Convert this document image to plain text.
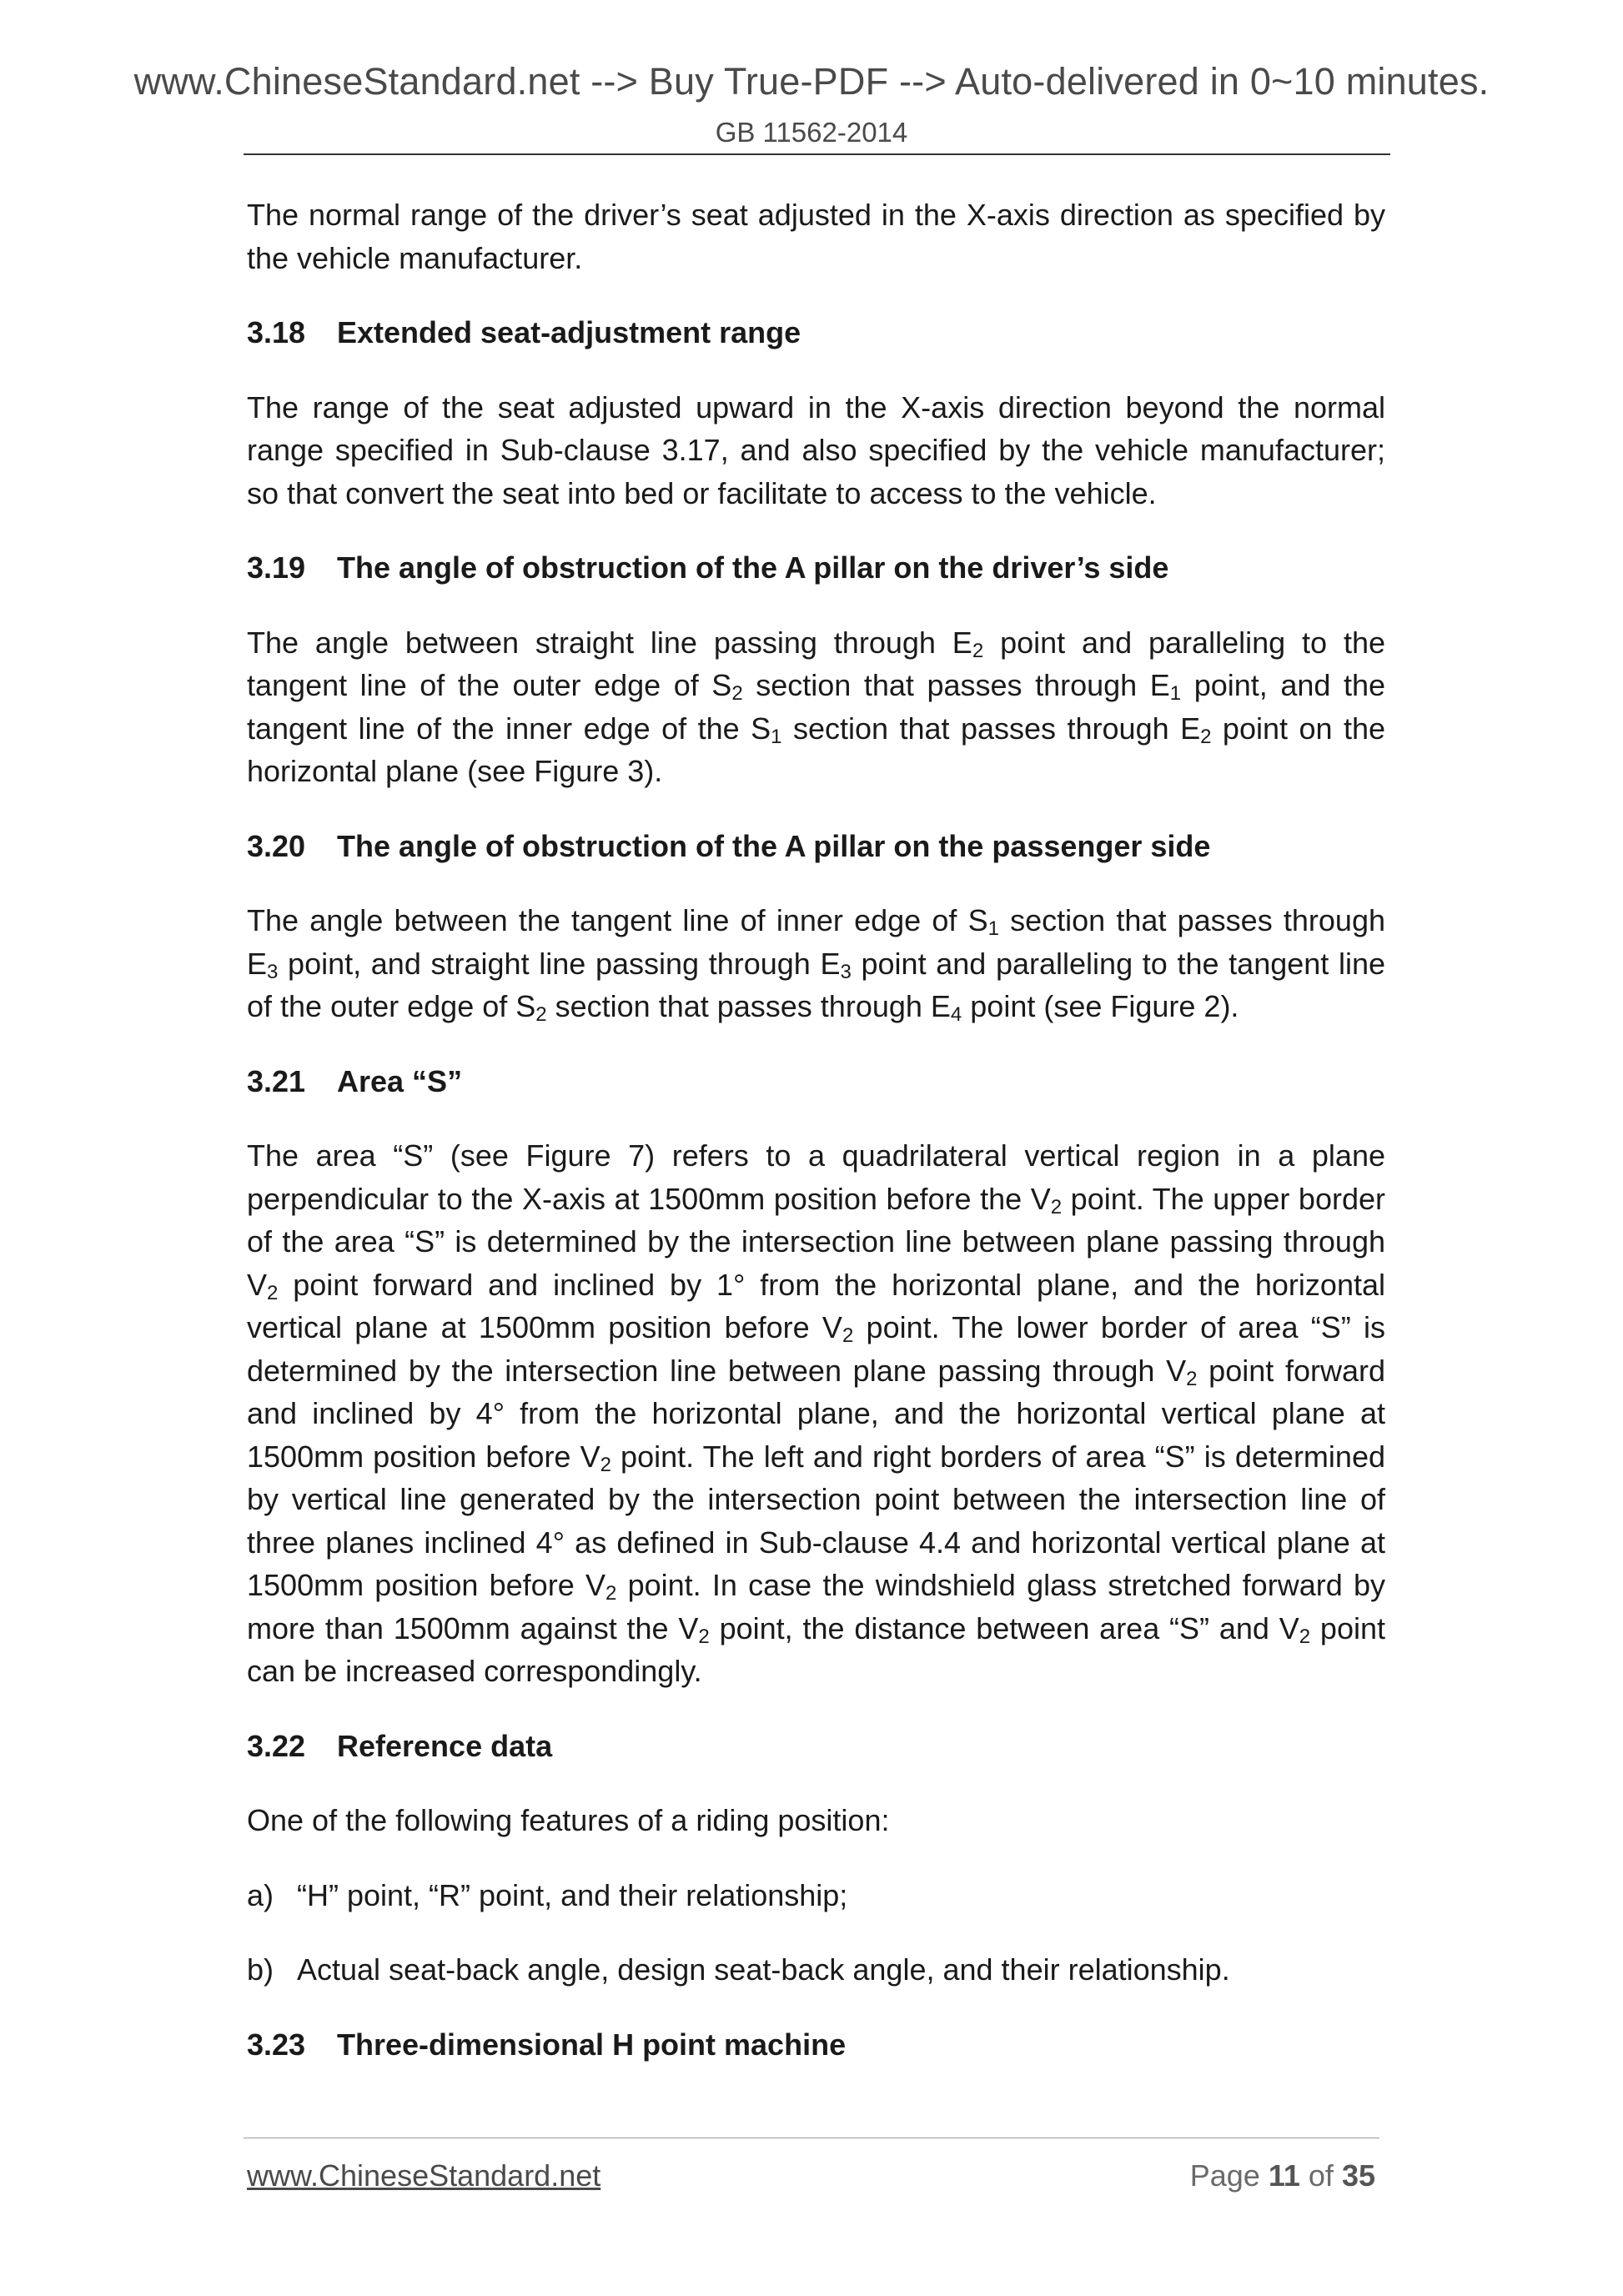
www.ChineseStandard.net --> Buy True-PDF --> Auto-delivered in 0~10 minutes.
GB 11562-2014

The normal range of the driver’s seat adjusted in the X-axis direction as specified by the vehicle manufacturer.

3.18	Extended seat-adjustment range

The range of the seat adjusted upward in the X-axis direction beyond the normal range specified in Sub-clause 3.17, and also specified by the vehicle manufacturer; so that convert the seat into bed or facilitate to access to the vehicle.

3.19	The angle of obstruction of the A pillar on the driver’s side

The angle between straight line passing through $E_2$ point and paralleling to the tangent line of the outer edge of $S_2$ section that passes through $E_1$ point, and the tangent line of the inner edge of the $S_1$ section that passes through $E_2$ point on the horizontal plane (see Figure 3).

3.20	The angle of obstruction of the A pillar on the passenger side

The angle between the tangent line of inner edge of $S_1$ section that passes through $E_3$ point, and straight line passing through $E_3$ point and paralleling to the tangent line of the outer edge of $S_2$ section that passes through $E_4$ point (see Figure 2).

3.21	Area “S”

The area “S” (see Figure 7) refers to a quadrilateral vertical region in a plane perpendicular to the X-axis at 1500mm position before the $V_2$ point. The upper border of the area “S” is determined by the intersection line between plane passing through $V_2$ point forward and inclined by 1° from the horizontal plane, and the horizontal vertical plane at 1500mm position before $V_2$ point. The lower border of area “S” is determined by the intersection line between plane passing through $V_2$ point forward and inclined by 4° from the horizontal plane, and the horizontal vertical plane at 1500mm position before $V_2$ point. The left and right borders of area “S” is determined by vertical line generated by the intersection point between the intersection line of three planes inclined 4° as defined in Sub-clause 4.4 and horizontal vertical plane at 1500mm position before $V_2$ point. In case the windshield glass stretched forward by more than 1500mm against the $V_2$ point, the distance between area “S” and $V_2$ point can be increased correspondingly.

3.22	Reference data

One of the following features of a riding position:

a) “H” point, “R” point, and their relationship;
b) Actual seat-back angle, design seat-back angle, and their relationship.
3.23	Three-dimensional H point machine
www.ChineseStandard.net	Page 11 of 35
